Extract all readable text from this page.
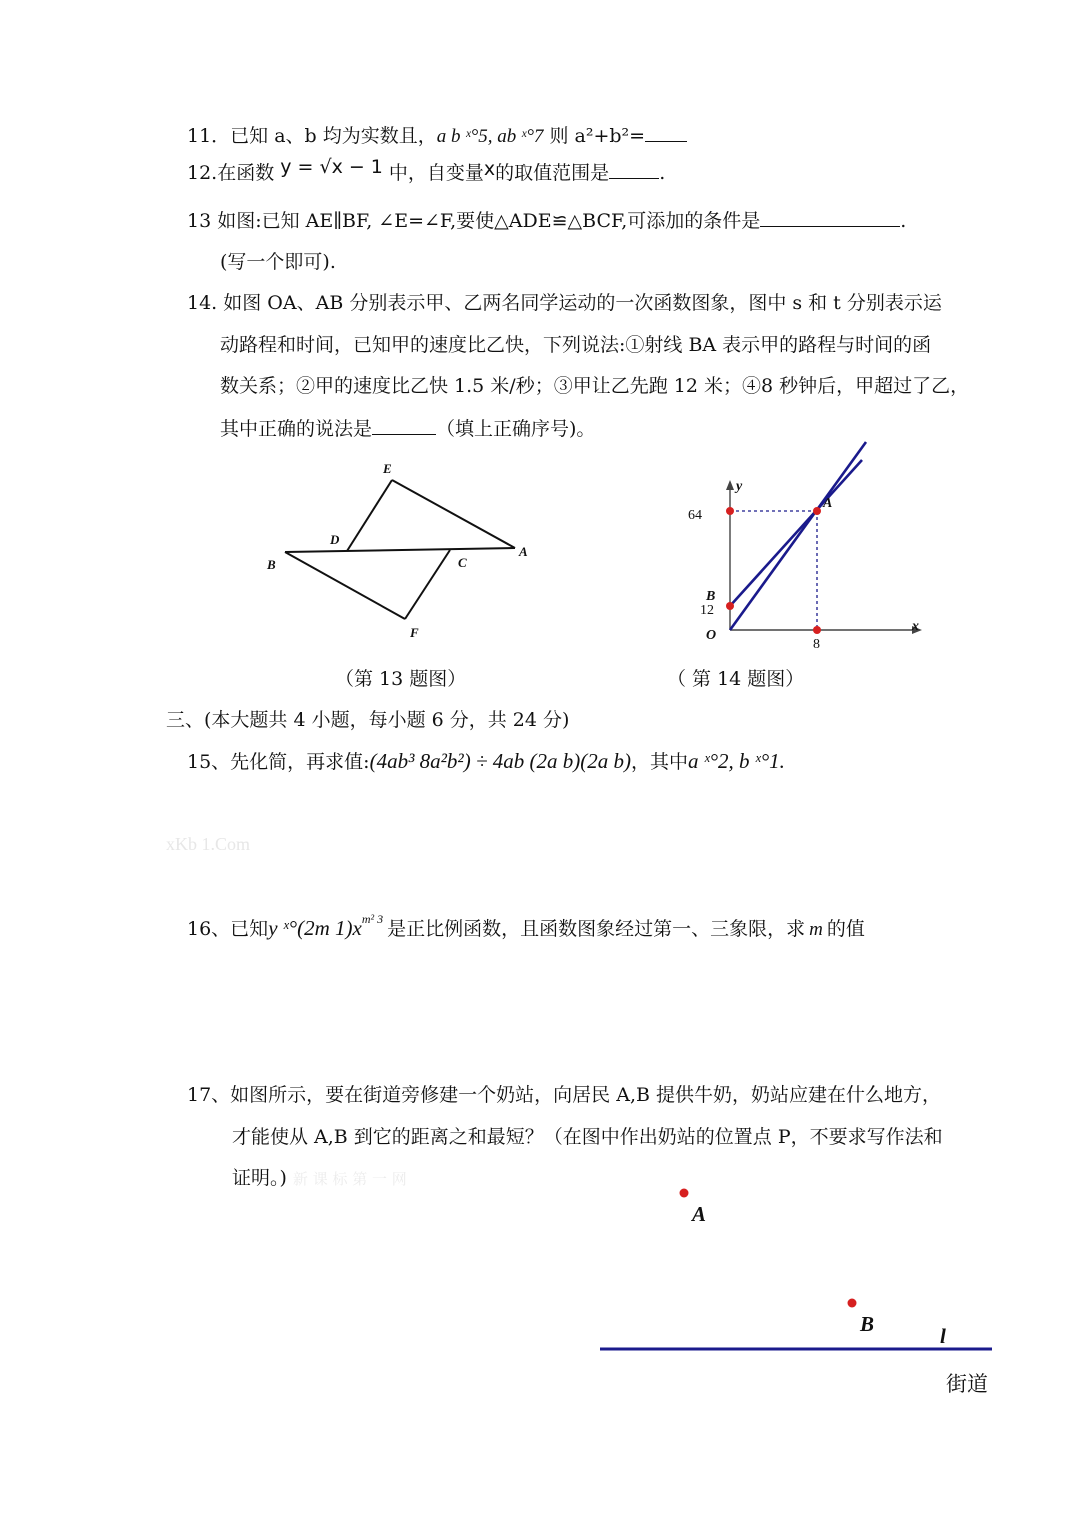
11．已知 a、b 均为实数且，a b ˣ°5, ab ˣ°7 则 a²+b²=
12.在函数 y = √x − 1 中，自变量x的取值范围是	.
13 如图:已知 AE∥BF, ∠E=∠F,要使△ADE≌△BCF,可添加的条件是	.
(写一个即可).
14. 如图 OA、AB 分别表示甲、乙两名同学运动的一次函数图象，图中 s 和 t 分别表示运
动路程和时间，已知甲的速度比乙快，下列说法:①射线 BA 表示甲的路程与时间的函
数关系；②甲的速度比乙快 1.5 米/秒；③甲让乙先跑 12 米；④8 秒钟后，甲超过了乙，
其中正确的说法是	（填上正确序号)。
E
D
B	C
A
F
（第 13 题图）
y
x
A
B
O
64
12
8
（ 第 14 题图）
三、(本大题共 4 小题，每小题 6 分，共 24 分)
15、先化简，再求值:(4ab³ 8a²b²) ÷ 4ab (2a b)(2a b)，其中a ˣ°2, b ˣ°1.
xKb 1.Com
16、已知y ˣ°(2m $1)x^{m^2 3}$ 是正比例函数，且函数图象经过第一、三象限，求 m 的值
17、如图所示，要在街道旁修建一个奶站，向居民 A,B 提供牛奶，奶站应建在什么地方，
才能使从 A,B 到它的距离之和最短？（在图中作出奶站的位置点 P，不要求写作法和
证明。) 新 课 标 第 一 网
A
B	l
街道
